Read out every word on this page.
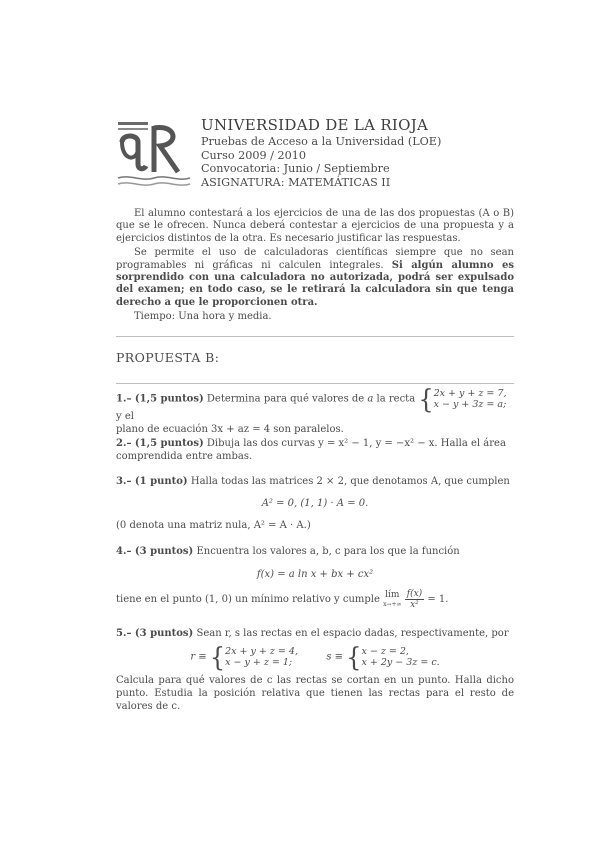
UNIVERSIDAD DE LA RIOJA
Pruebas de Acceso a la Universidad (LOE)
Curso 2009 / 2010
Convocatoria: Junio / Septiembre
ASIGNATURA: MATEMÁTICAS II

El alumno contestará a los ejercicios de una de las dos propuestas (A o B) que se le ofrecen. Nunca deberá contestar a ejercicios de una propuesta y a ejercicios distintos de la otra. Es necesario justificar las respuestas.

Se permite el uso de calculadoras científicas siempre que no sean programables ni gráficas ni calculen integrales. Si algún alumno es sorprendido con una calculadora no autorizada, podrá ser expulsado del examen; en todo caso, se le retirará la calculadora sin que tenga derecho a que le proporcionen otra.

Tiempo: Una hora y media.

PROPUESTA B:
1.– (1,5 puntos) Determina para qué valores de a la recta {2x + y + z = 7,
x − y + 3z = a; y el
plano de ecuación 3x + az = 4 son paralelos.
2.– (1,5 puntos) Dibuja las dos curvas y = x² − 1, y = −x² − x. Halla el área comprendida entre ambas.
3.– (1 punto) Halla todas las matrices 2 × 2, que denotamos A, que cumplen
A² = 0, (1, 1) · A = 0.
(0 denota una matriz nula, A² = A · A.)
4.– (3 puntos) Encuentra los valores a, b, c para los que la función
f(x) = a ln x + bx + cx²
tiene en el punto (1, 0) un mínimo relativo y cumple lím
x→+∞
$\frac{f(x)}{\text{x²}} = 1$.
5.– (3 puntos) Sean r, s las rectas en el espacio dadas, respectivamente, por
r ≡ {2x + y + z = 4,
x − y + z = 1;	s ≡ {x − z = 2,
x + 2y − 3z = c.
Calcula para qué valores de c las rectas se cortan en un punto. Halla dicho punto. Estudia la posición relativa que tienen las rectas para el resto de valores de c.
